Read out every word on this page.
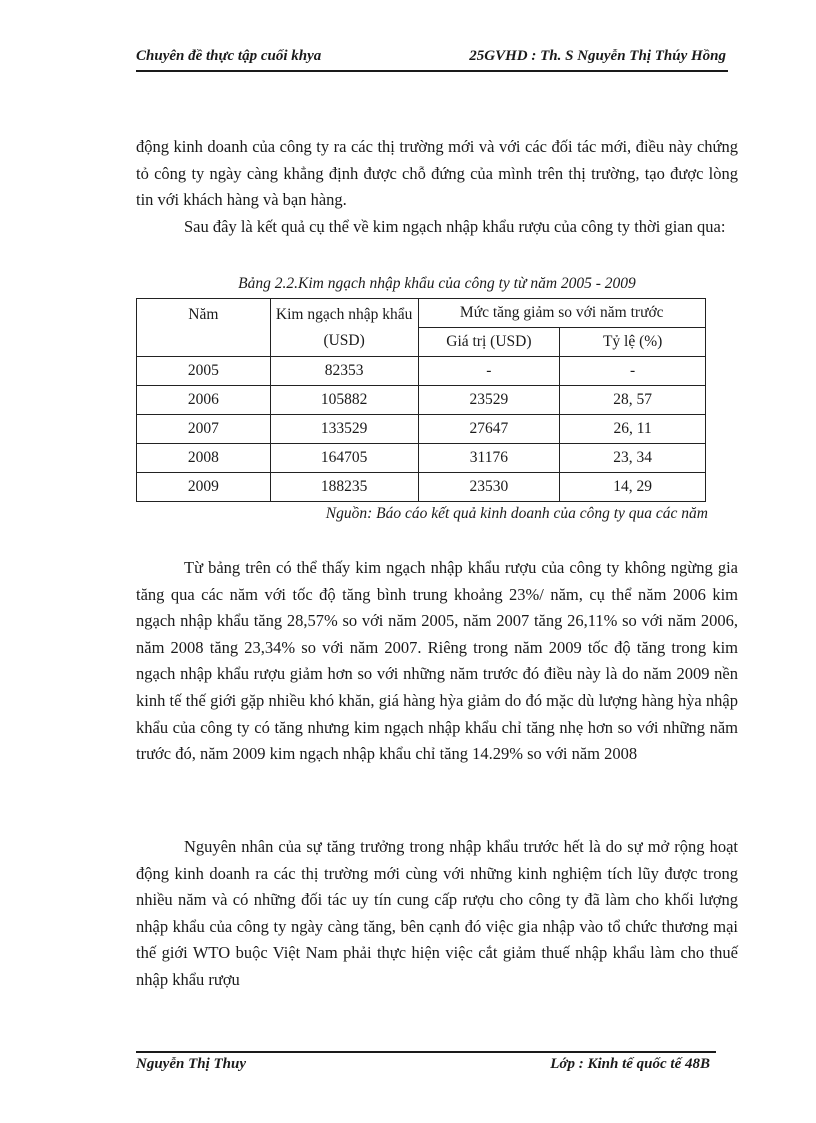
Chuyên đề thực tập cuối khya	25GVHD : Th. S Nguyễn Thị Thúy Hồng

động kinh doanh của công ty ra các thị trường mới và với các đối tác mới, điều này chứng tỏ công ty ngày càng khẳng định được chỗ đứng của mình trên thị trường, tạo được lòng tin với khách hàng và bạn hàng.

Sau đây là kết quả cụ thể về kim ngạch nhập khẩu rượu của công ty thời gian qua:

Bảng 2.2.Kim ngạch nhập khẩu của công ty từ năm 2005 - 2009
Năm	Kim ngạch nhập khẩu (USD)	Mức tăng giảm so với năm trước	
		Giá trị (USD)	Tỷ lệ (%)
2005	82353	-	-
2006	105882	23529	28, 57
2007	133529	27647	26, 11
2008	164705	31176	23, 34
2009	188235	23530	14, 29
Nguồn: Báo cáo kết quả kinh doanh của công ty qua các năm

Từ bảng trên có thể thấy kim ngạch nhập khẩu rượu của công ty không ngừng gia tăng qua các năm với tốc độ tăng bình trung khoảng 23%/ năm, cụ thể năm 2006 kim ngạch nhập khẩu tăng 28,57% so với năm 2005, năm 2007 tăng 26,11% so với năm 2006, năm 2008 tăng 23,34% so với năm 2007. Riêng trong năm 2009 tốc độ tăng trong kim ngạch nhập khẩu rượu giảm hơn so với những năm trước đó điều này là do năm 2009 nền kinh tế thế giới gặp nhiều khó khăn, giá hàng hỳa giảm do đó mặc dù lượng hàng hỳa nhập khẩu của công ty có tăng nhưng kim ngạch nhập khẩu chỉ tăng nhẹ hơn so với những năm trước đó, năm 2009 kim ngạch nhập khẩu chỉ tăng 14.29% so với năm 2008

Nguyên nhân của sự tăng trưởng trong nhập khẩu trước hết là do sự mở rộng hoạt động kinh doanh ra các thị trường mới cùng với những kinh nghiệm tích lũy được trong nhiều năm và có những đối tác uy tín cung cấp rượu cho công ty đã làm cho khối lượng nhập khẩu của công ty ngày càng tăng, bên cạnh đó việc gia nhập vào tổ chức thương mại thế giới WTO buộc Việt Nam phải thực hiện việc cắt giảm thuế nhập khẩu làm cho thuế nhập khẩu rượu

Nguyễn Thị Thuy	Lớp : Kinh tế quốc tế 48B
